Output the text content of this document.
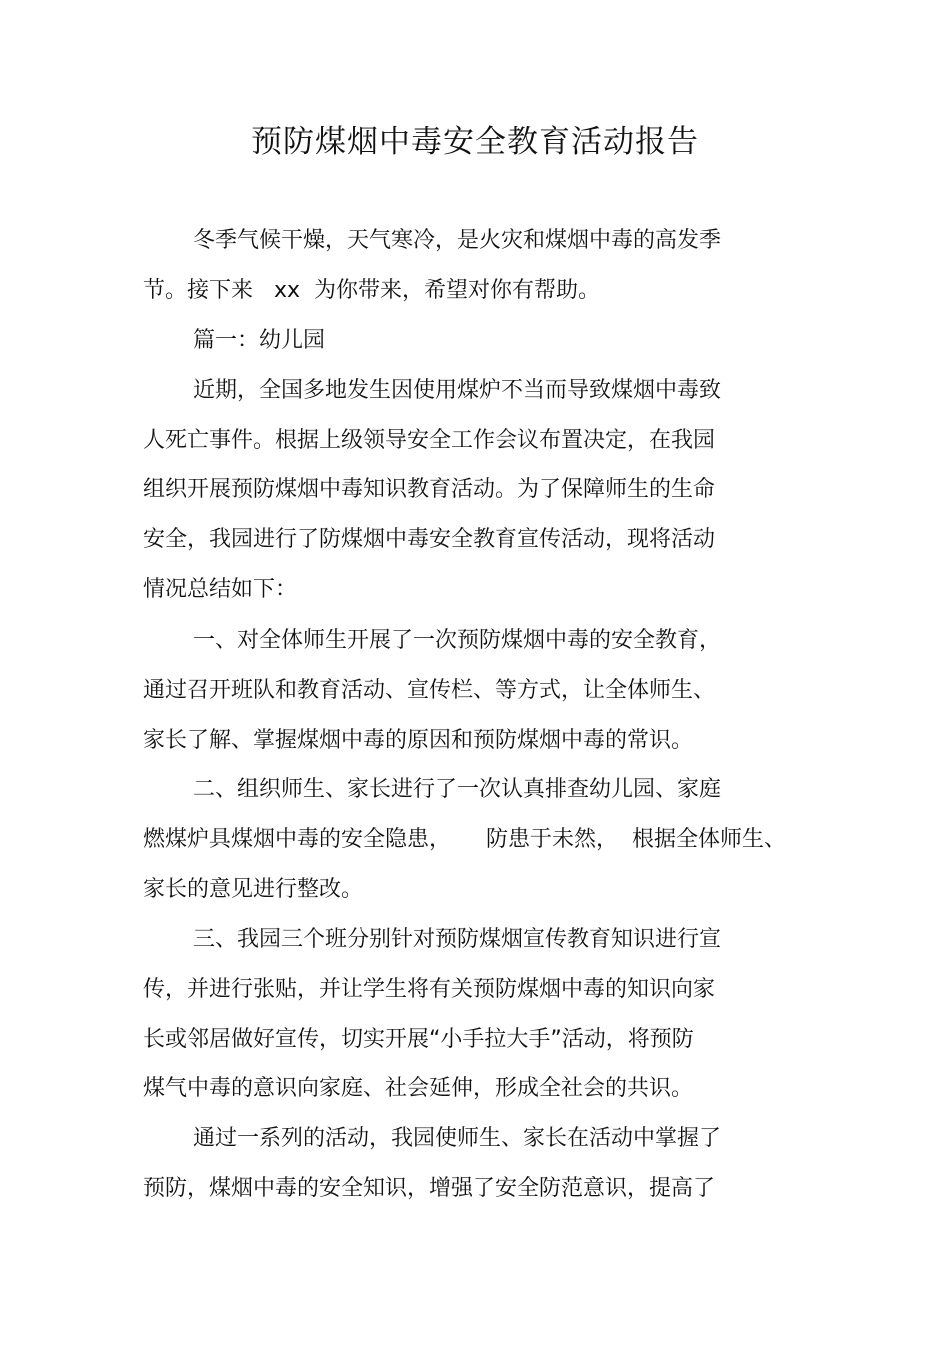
预防煤烟中毒安全教育活动报告
冬季气候干燥，天气寒冷，是火灾和煤烟中毒的高发季
节。接下来   xx  为你带来，希望对你有帮助。
篇一：幼儿园
近期，全国多地发生因使用煤炉不当而导致煤烟中毒致
人死亡事件。根据上级领导安全工作会议布置决定，在我园
组织开展预防煤烟中毒知识教育活动。为了保障师生的生命
安全，我园进行了防煤烟中毒安全教育宣传活动，现将活动
情况总结如下：
一、对全体师生开展了一次预防煤烟中毒的安全教育，
通过召开班队和教育活动、宣传栏、等方式，让全体师生、
家长了解、掌握煤烟中毒的原因和预防煤烟中毒的常识。
二、组织师生、家长进行了一次认真排查幼儿园、家庭
燃煤炉具煤烟中毒的安全隐患，     防患于未然，  根据全体师生、
家长的意见进行整改。
三、我园三个班分别针对预防煤烟宣传教育知识进行宣
传，并进行张贴，并让学生将有关预防煤烟中毒的知识向家
长或邻居做好宣传，切实开展“小手拉大手”活动，将预防
煤气中毒的意识向家庭、社会延伸，形成全社会的共识。
通过一系列的活动，我园使师生、家长在活动中掌握了
预防，煤烟中毒的安全知识，增强了安全防范意识，提高了
